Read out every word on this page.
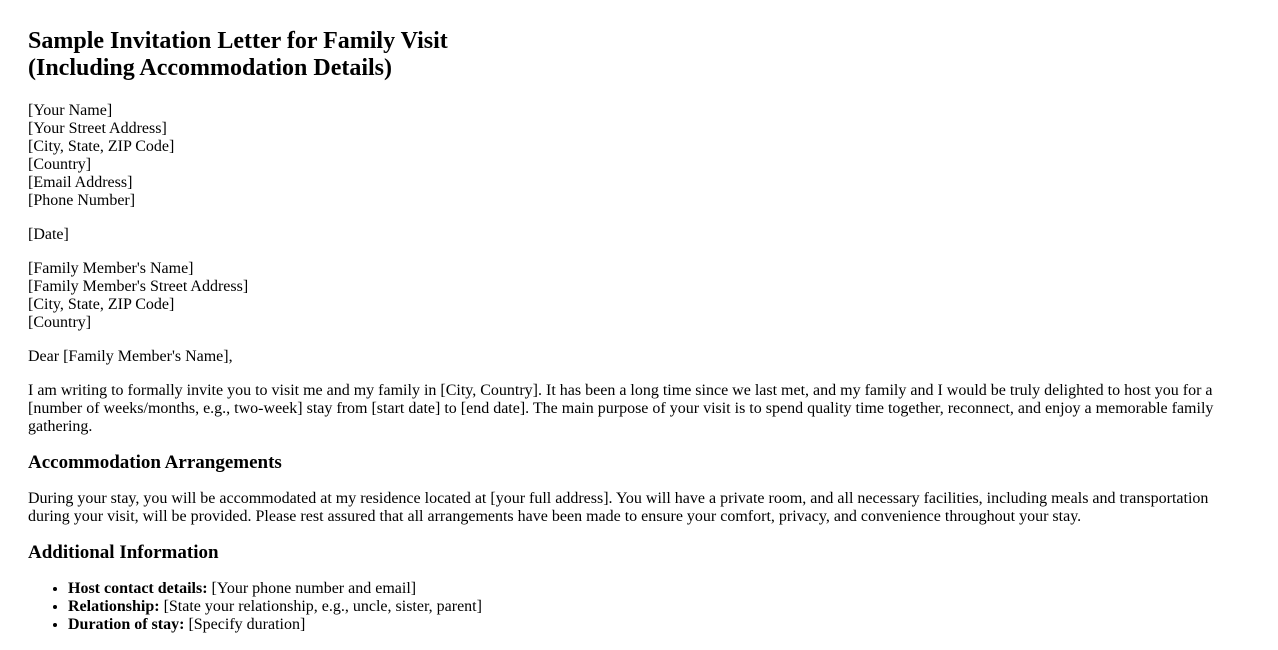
Sample Invitation Letter for Family Visit
(Including Accommodation Details)
[Your Name]
[Your Street Address]
[City, State, ZIP Code]
[Country]
[Email Address]
[Phone Number]
[Date]
[Family Member's Name]
[Family Member's Street Address]
[City, State, ZIP Code]
[Country]

Dear [Family Member's Name],

I am writing to formally invite you to visit me and my family in [City, Country]. It has been a long time since we last met, and my family and I would be truly delighted to host you for a [number of weeks/months, e.g., two-week] stay from [start date] to [end date]. The main purpose of your visit is to spend quality time together, reconnect, and enjoy a memorable family gathering.

Accommodation Arrangements

During your stay, you will be accommodated at my residence located at [your full address]. You will have a private room, and all necessary facilities, including meals and transportation during your visit, will be provided. Please rest assured that all arrangements have been made to ensure your comfort, privacy, and convenience throughout your stay.

Additional Information
• Host contact details: [Your phone number and email]
• Relationship: [State your relationship, e.g., uncle, sister, parent]
• Duration of stay: [Specify duration]
